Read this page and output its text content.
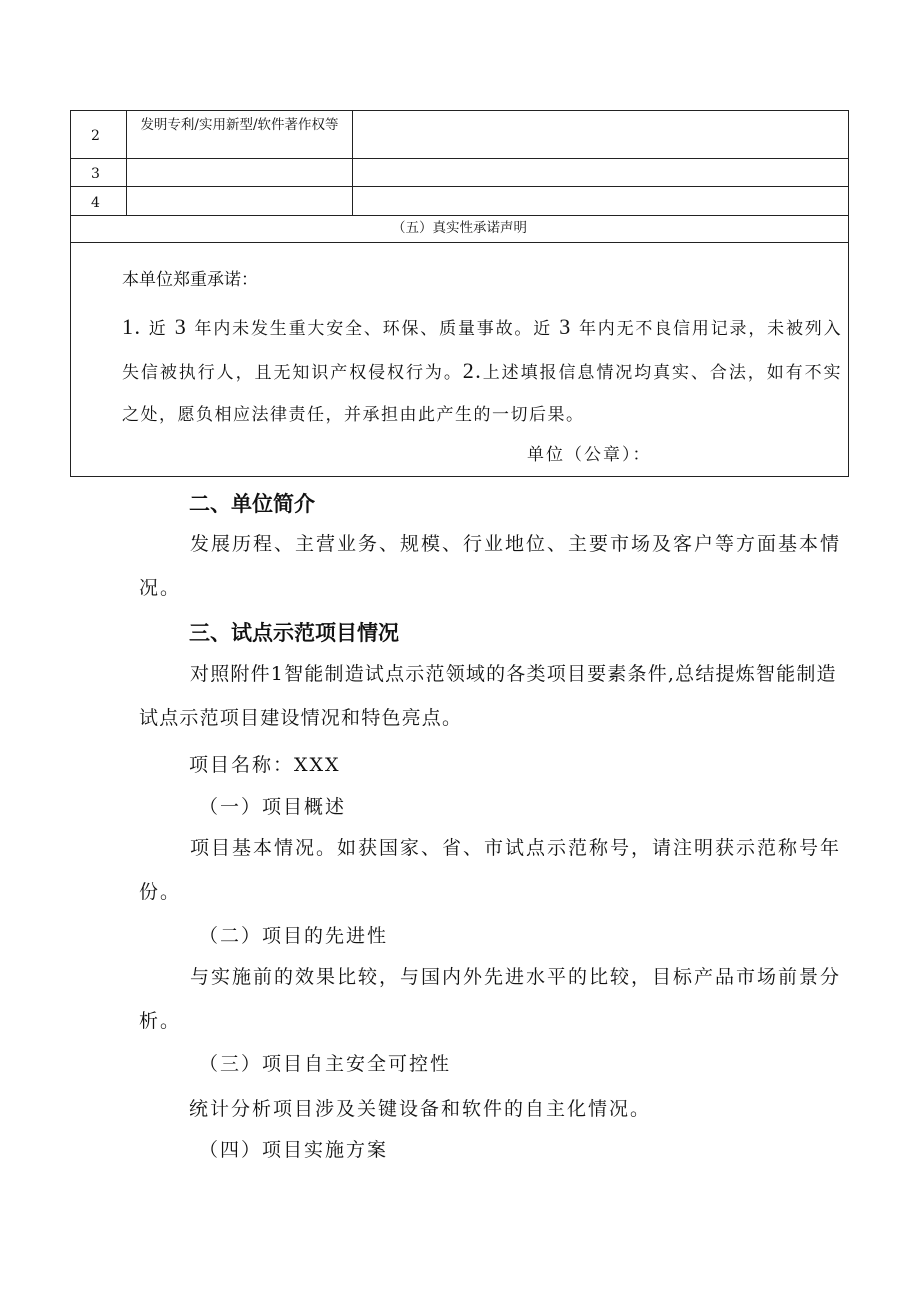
2
发明专利/实用新型/软件著作权等
3
4
（五）真实性承诺声明

本单位郑重承诺：

1. 近 3 年内未发生重大安全、环保、质量事故。近 3 年内无不良信用记录，未被列入失信被执行人，且无知识产权侵权行为。2.上述填报信息情况均真实、合法，如有不实之处，愿负相应法律责任，并承担由此产生的一切后果。

单位（公章）：

二、单位简介

发展历程、主营业务、规模、行业地位、主要市场及客户等方面基本情况。

三、试点示范项目情况

对照附件1智能制造试点示范领域的各类项目要素条件,总结提炼智能制造试点示范项目建设情况和特色亮点。

项目名称：XXX

（一）项目概述

项目基本情况。如获国家、省、市试点示范称号，请注明获示范称号年份。

（二）项目的先进性

与实施前的效果比较，与国内外先进水平的比较，目标产品市场前景分析。

（三）项目自主安全可控性

统计分析项目涉及关键设备和软件的自主化情况。

（四）项目实施方案
